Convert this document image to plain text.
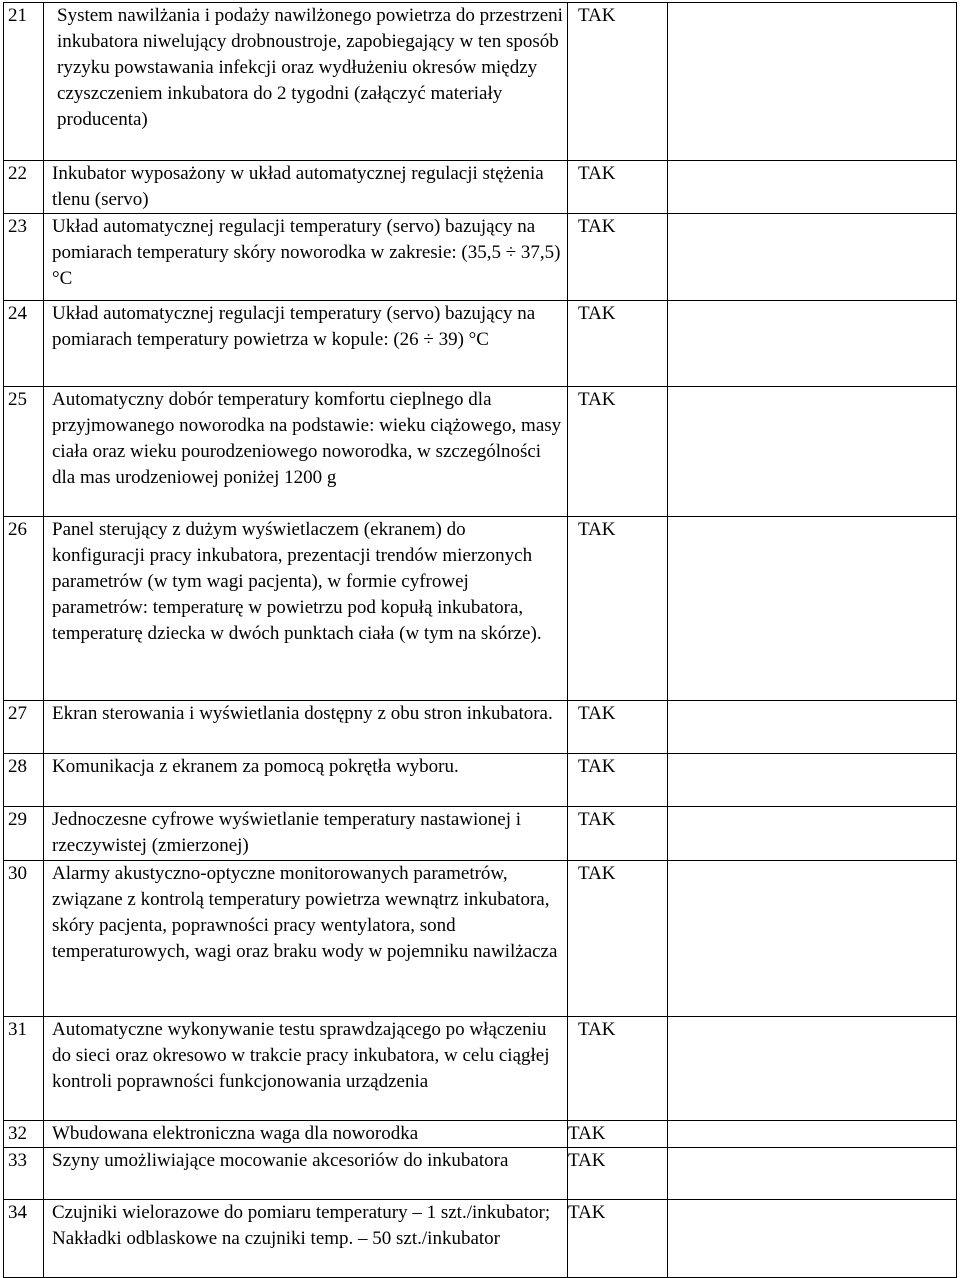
21	System nawilżania i podaży nawilżonego powietrza do przestrzeni inkubatora niwelujący drobnoustroje, zapobiegający w ten sposób ryzyku powstawania infekcji oraz wydłużeniu okresów między czyszczeniem inkubatora do 2 tygodni (załączyć materiały producenta)	TAK	
22	Inkubator wyposażony w układ automatycznej regulacji stężenia tlenu (servo)	TAK	
23	Układ automatycznej regulacji temperatury (servo) bazujący na pomiarach temperatury skóry noworodka w zakresie: (35,5 ÷ 37,5) °C	TAK	
24	Układ automatycznej regulacji temperatury (servo) bazujący na pomiarach temperatury powietrza w kopule: (26 ÷ 39) °C	TAK	
25	Automatyczny dobór temperatury komfortu cieplnego dla przyjmowanego noworodka na podstawie: wieku ciążowego, masy ciała oraz wieku pourodzeniowego noworodka, w szczególności dla mas urodzeniowej poniżej 1200 g	TAK	
26	Panel sterujący z dużym wyświetlaczem (ekranem) do konfiguracji pracy inkubatora, prezentacji trendów mierzonych parametrów (w tym wagi pacjenta), w formie cyfrowej parametrów: temperaturę w powietrzu pod kopułą inkubatora, temperaturę dziecka w dwóch punktach ciała (w tym na skórze).	TAK	
27	Ekran sterowania i wyświetlania dostępny z obu stron inkubatora.	TAK	
28	Komunikacja z ekranem za pomocą pokrętła wyboru.	TAK	
29	Jednoczesne cyfrowe wyświetlanie temperatury nastawionej i rzeczywistej (zmierzonej)	TAK	
30	Alarmy akustyczno-optyczne monitorowanych parametrów, związane z kontrolą temperatury powietrza wewnątrz inkubatora, skóry pacjenta, poprawności pracy wentylatora, sond temperaturowych, wagi oraz braku wody w pojemniku nawilżacza	TAK	
31	Automatyczne wykonywanie testu sprawdzającego po włączeniu do sieci oraz okresowo w trakcie pracy inkubatora, w celu ciągłej kontroli poprawności funkcjonowania urządzenia	TAK	
32	Wbudowana elektroniczna waga dla noworodka	TAK	
33	Szyny umożliwiające mocowanie akcesoriów do inkubatora	TAK	
34	Czujniki wielorazowe do pomiaru temperatury – 1 szt./inkubator; Nakładki odblaskowe na czujniki temp. – 50 szt./inkubator	TAK	
